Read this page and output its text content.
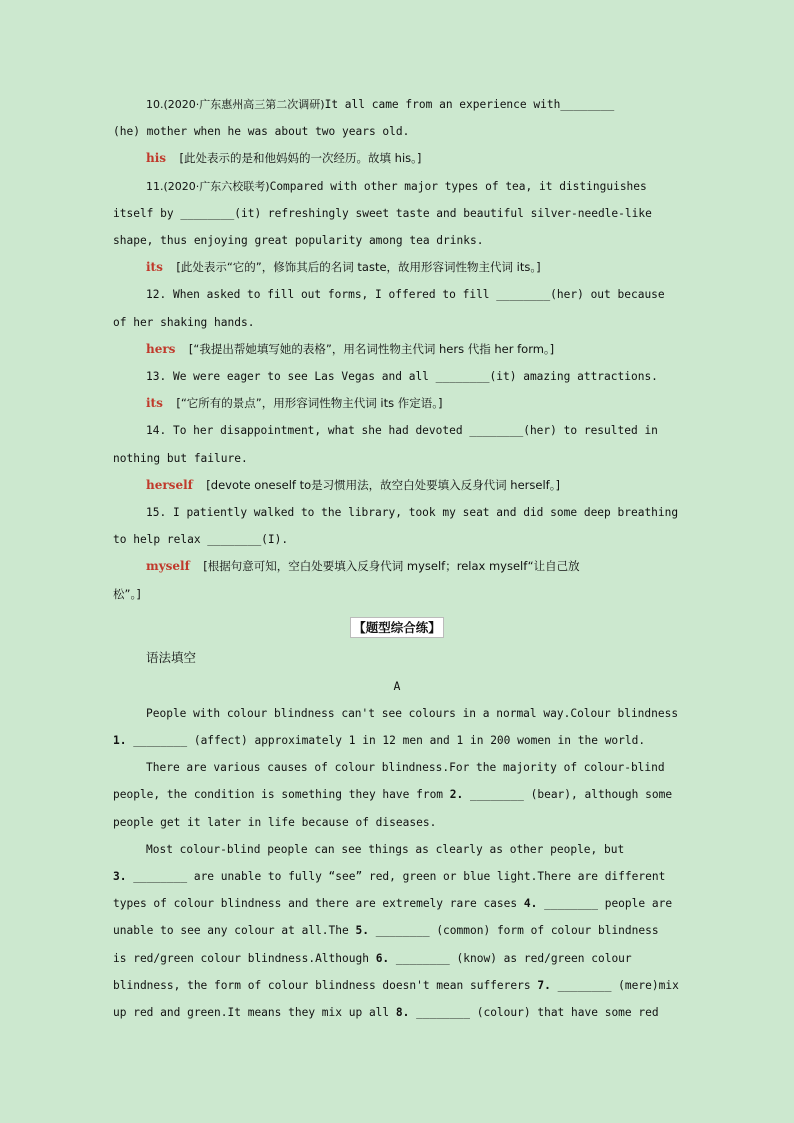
10.(2020·广东惠州高三第二次调研)It all came from an experience with________
(he) mother when he was about two years old.
his [此处表示的是和他妈妈的一次经历。故填 his。]
11.(2020·广东六校联考)Compared with other major types of tea, it distinguishes
itself by ________(it) refreshingly sweet taste and beautiful silver-needle-like
shape, thus enjoying great popularity among tea drinks.
its [此处表示“它的”，修饰其后的名词 taste，故用形容词性物主代词 its。]
12. When asked to fill out forms, I offered to fill ________(her) out because
of her shaking hands.
hers [“我提出帮她填写她的表格”，用名词性物主代词 hers 代指 her form。]
13. We were eager to see Las Vegas and all ________(it) amazing attractions.
its [“它所有的景点”，用形容词性物主代词 its 作定语。]
14. To her disappointment, what she had devoted ________(her) to resulted in
nothing but failure.
herself [devote oneself to是习惯用法，故空白处要填入反身代词 herself。]
15. I patiently walked to the library, took my seat and did some deep breathing
to help relax ________(I).
myself [根据句意可知，空白处要填入反身代词 myself；relax myself“让自己放
松”。]
【题型综合练】
语法填空
A
People with colour blindness can't see colours in a normal way.Colour blindness
1. ________ (affect) approximately 1 in 12 men and 1 in 200 women in the world.
There are various causes of colour blindness.For the majority of colour-blind
people, the condition is something they have from 2. ________ (bear), although some
people get it later in life because of diseases.
Most colour-blind people can see things as clearly as other people, but
3. ________ are unable to fully “see” red, green or blue light.There are different
types of colour blindness and there are extremely rare cases 4. ________ people are
unable to see any colour at all.The 5. ________ (common) form of colour blindness
is red/green colour blindness.Although 6. ________ (know) as red/green colour
blindness, the form of colour blindness doesn't mean sufferers 7. ________ (mere)mix
up red and green.It means they mix up all 8. ________ (colour) that have some red
